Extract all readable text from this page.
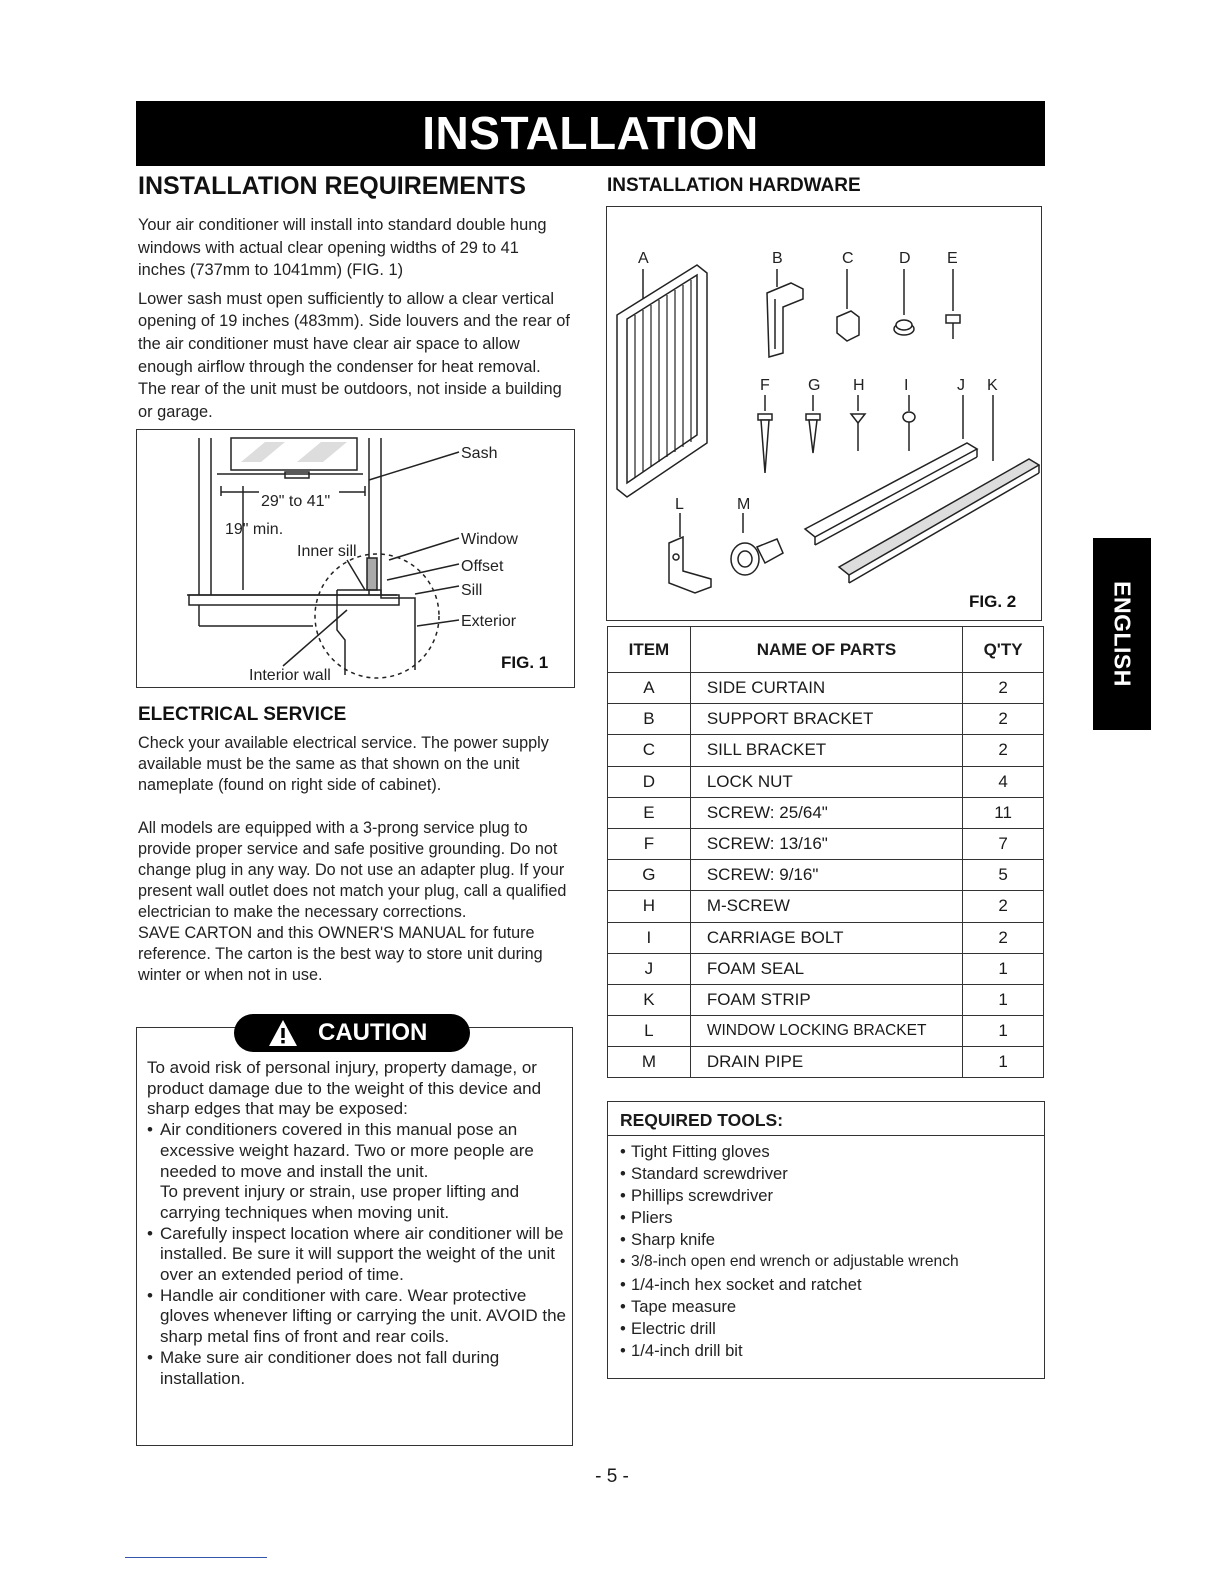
INSTALLATION
INSTALLATION REQUIREMENTS

Your air conditioner will install into standard double hung windows with actual clear opening widths of 29 to 41 inches (737mm to 1041mm) (FIG. 1)

Lower sash must open sufficiently to allow a clear vertical opening of 19 inches (483mm). Side louvers and the rear of the air conditioner must have clear air space to allow enough airflow through the condenser for heat removal. The rear of the unit must be outdoors, not inside a building or garage.

Sash
29" to 41"
19" min.
Inner sill
Window
Offset
Sill
Exterior
Interior wall
FIG. 1
ELECTRICAL SERVICE

Check your available electrical service. The power supply available must be the same as that shown on the unit nameplate (found on right side of cabinet).

All models are equipped with a 3-prong service plug to provide proper service and safe positive grounding. Do not change plug in any way. Do not use an adapter plug. If your present wall outlet does not match your plug, call a qualified electrician to make the necessary corrections.

SAVE CARTON and this OWNER'S MANUAL for future reference. The carton is the best way to store unit during winter or when not in use.

CAUTION

To avoid risk of personal injury, property damage, or product damage due to the weight of this device and sharp edges that may be exposed:

• Air conditioners covered in this manual pose an excessive weight hazard. Two or more people are needed to move and install the unit.
To prevent injury or strain, use proper lifting and carrying techniques when moving unit.
• Carefully inspect location where air conditioner will be installed. Be sure it will support the weight of the unit over an extended period of time.
• Handle air conditioner with care. Wear protective gloves whenever lifting or carrying the unit. AVOID the sharp metal fins of front and rear coils.
• Make sure air conditioner does not fall during installation.
INSTALLATION HARDWARE
A	B	C	D E
F G H I	J K
L	M
FIG. 2
ITEM	NAME OF PARTS	Q'TY
A	SIDE CURTAIN	2
B	SUPPORT BRACKET	2
C	SILL BRACKET	2
D	LOCK NUT	4
E	SCREW: 25/64"	11
F	SCREW: 13/16"	7
G	SCREW: 9/16"	5
H	M-SCREW	2
I	CARRIAGE BOLT	2
J	FOAM SEAL	1
K	FOAM STRIP	1
L	WINDOW LOCKING BRACKET	1
M	DRAIN PIPE	1
REQUIRED TOOLS:
• Tight Fitting gloves
• Standard screwdriver
• Phillips screwdriver
• Pliers
• Sharp knife
• 3/8-inch open end wrench or adjustable wrench
• 1/4-inch hex socket and ratchet
• Tape measure
• Electric drill
• 1/4-inch drill bit
ENGLISH
- 5 -
